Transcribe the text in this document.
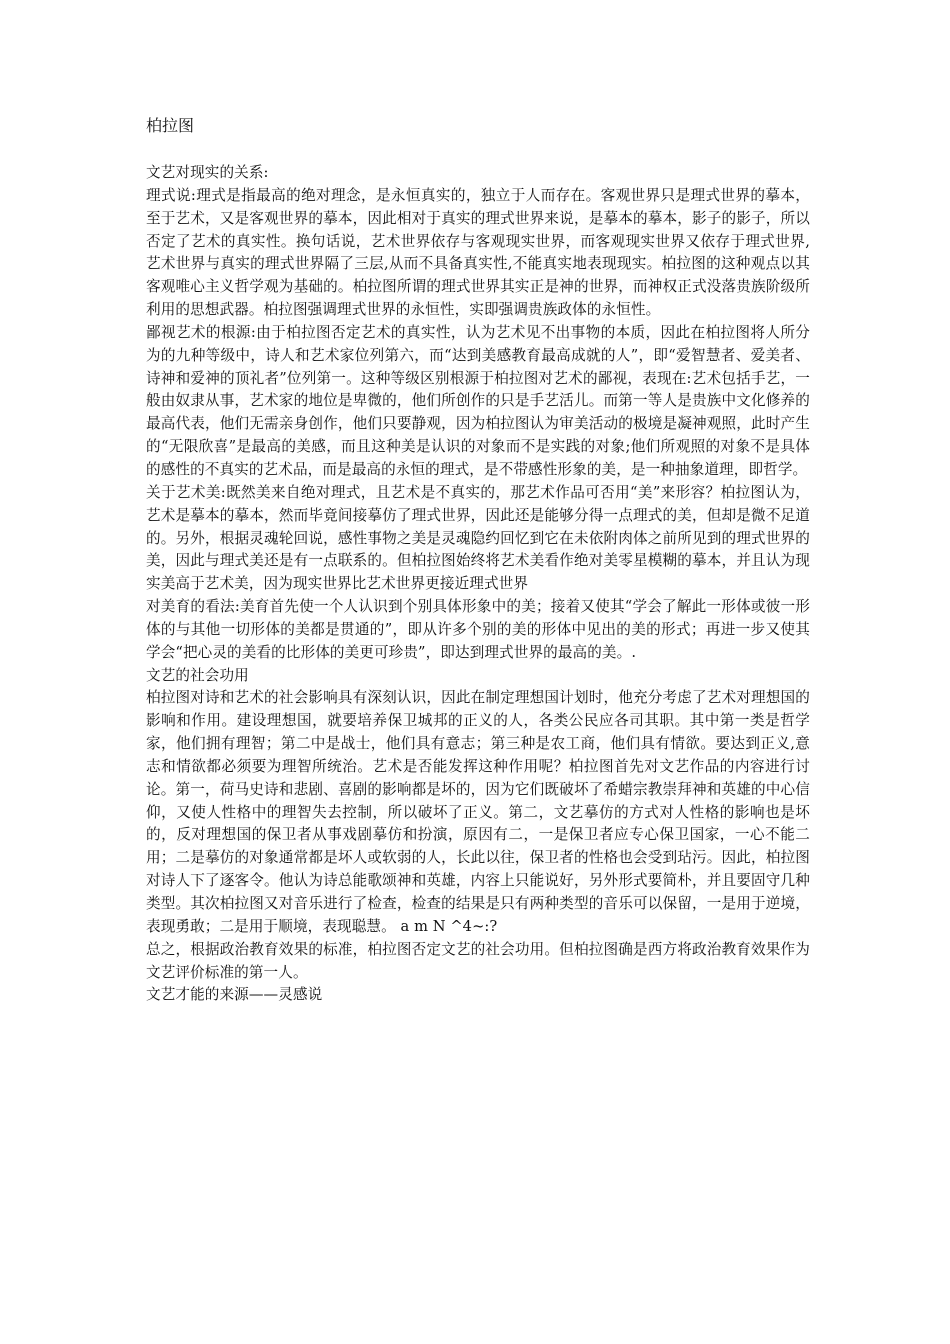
柏拉图

文艺对现实的关系:

理式说:理式是指最高的绝对理念，是永恒真实的，独立于人而存在。客观世界只是理式世界的摹本，至于艺术，又是客观世界的摹本，因此相对于真实的理式世界来说，是摹本的摹本，影子的影子，所以否定了艺术的真实性。换句话说，艺术世界依存与客观现实世界，而客观现实世界又依存于理式世界,艺术世界与真实的理式世界隔了三层,从而不具备真实性,不能真实地表现现实。柏拉图的这种观点以其客观唯心主义哲学观为基础的。柏拉图所谓的理式世界其实正是神的世界，而神权正式没落贵族阶级所利用的思想武器。柏拉图强调理式世界的永恒性，实即强调贵族政体的永恒性。

鄙视艺术的根源:由于柏拉图否定艺术的真实性，认为艺术见不出事物的本质，因此在柏拉图将人所分为的九种等级中，诗人和艺术家位列第六，而“达到美感教育最高成就的人”，即“爱智慧者、爱美者、诗神和爱神的顶礼者”位列第一。这种等级区别根源于柏拉图对艺术的鄙视，表现在:艺术包括手艺，一般由奴隶从事，艺术家的地位是卑微的，他们所创作的只是手艺活儿。而第一等人是贵族中文化修养的最高代表，他们无需亲身创作，他们只要静观，因为柏拉图认为审美活动的极境是凝神观照，此时产生的“无限欣喜”是最高的美感，而且这种美是认识的对象而不是实践的对象;他们所观照的对象不是具体的感性的不真实的艺术品，而是最高的永恒的理式，是不带感性形象的美，是一种抽象道理，即哲学。

关于艺术美:既然美来自绝对理式，且艺术是不真实的，那艺术作品可否用“美”来形容？柏拉图认为，艺术是摹本的摹本，然而毕竟间接摹仿了理式世界，因此还是能够分得一点理式的美，但却是微不足道的。另外，根据灵魂轮回说，感性事物之美是灵魂隐约回忆到它在未依附肉体之前所见到的理式世界的美，因此与理式美还是有一点联系的。但柏拉图始终将艺术美看作绝对美零星模糊的摹本，并且认为现实美高于艺术美，因为现实世界比艺术世界更接近理式世界

对美育的看法:美育首先使一个人认识到个别具体形象中的美；接着又使其“学会了解此一形体或彼一形体的与其他一切形体的美都是贯通的”，即从许多个别的美的形体中见出的美的形式；再进一步又使其学会“把心灵的美看的比形体的美更可珍贵”，即达到理式世界的最高的美。.

文艺的社会功用

柏拉图对诗和艺术的社会影响具有深刻认识，因此在制定理想国计划时，他充分考虑了艺术对理想国的影响和作用。建设理想国，就要培养保卫城邦的正义的人，各类公民应各司其职。其中第一类是哲学家，他们拥有理智；第二中是战士，他们具有意志；第三种是农工商，他们具有情欲。要达到正义,意志和情欲都必须要为理智所统治。艺术是否能发挥这种作用呢？柏拉图首先对文艺作品的内容进行讨论。第一，荷马史诗和悲剧、喜剧的影响都是坏的，因为它们既破坏了希蜡宗教崇拜神和英雄的中心信仰，又使人性格中的理智失去控制，所以破坏了正义。第二，文艺摹仿的方式对人性格的影响也是坏的，反对理想国的保卫者从事戏剧摹仿和扮演，原因有二，一是保卫者应专心保卫国家，一心不能二用；二是摹仿的对象通常都是坏人或软弱的人，长此以往，保卫者的性格也会受到玷污。因此，柏拉图对诗人下了逐客令。他认为诗总能歌颂神和英雄，内容上只能说好，另外形式要简朴，并且要固守几种类型。其次柏拉图又对音乐进行了检查，检查的结果是只有两种类型的音乐可以保留，一是用于逆境，表现勇敢；二是用于顺境，表现聪慧。 a m N ^4~:?

总之，根据政治教育效果的标准，柏拉图否定文艺的社会功用。但柏拉图确是西方将政治教育效果作为文艺评价标准的第一人。

文艺才能的来源——灵感说
